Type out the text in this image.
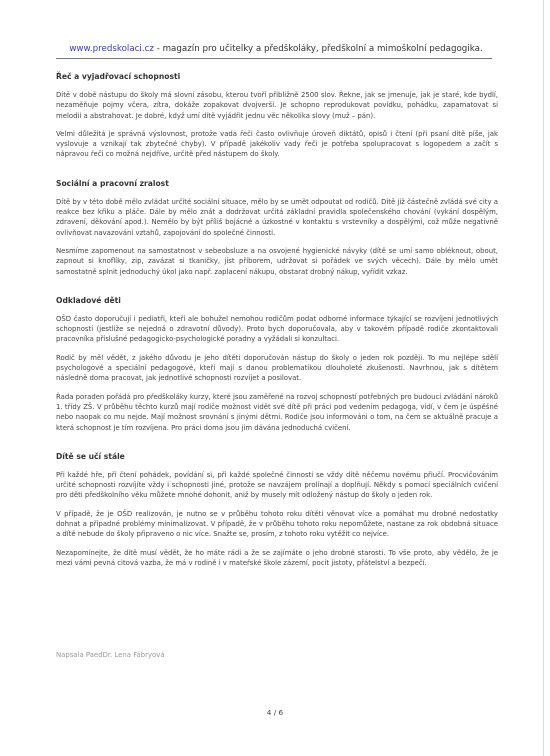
www.predskolaci.cz - magazín pro učitelky a předškoláky, předškolní a mimoškolní pedagogika.
Řeč a vyjadřovací schopnosti

Dítě v době nástupu do školy má slovní zásobu, kterou tvoří přibližně 2500 slov. Řekne, jak se jmenuje, jak je staré, kde bydlí, nezaměňuje pojmy včera, zítra, dokáže zopakovat dvojverší. Je schopno reprodukovat povídku, pohádku, zapamatovat si melodii a abstrahovat. Je dobré, když umí dítě vyjádřit jednu věc několika slovy (muž – pán).

Velmi důležitá je správná výslovnost, protože vada řeči často ovlivňuje úroveň diktátů, opisů i čtení (při psaní dítě píše, jak vyslovuje a vznikají tak zbytečné chyby). V případě jakékoliv vady řeči je potřeba spolupracovat s logopedem a začít s nápravou řeči co možná nejdříve, určitě před nástupem do školy.

Sociální a pracovní zralost

Dítě by v této době mělo zvládat určité sociální situace, mělo by se umět odpoutat od rodičů. Dítě již částečně zvládá své city a reakce bez křiku a pláče. Dále by mělo znát a dodržovat určitá základní pravidla společenského chování (vykání dospělým, zdravení, děkování apod.). Nemělo by být příliš bojácné a úzkostné v kontaktu s vrstevníky a dospělými, což může negativně ovlivňovat navazování vztahů, zapojování do společné činnosti.

Nesmíme zapomenout na samostatnost v sebeobsluze a na osvojené hygienické návyky (dítě se umí samo obléknout, obout, zapnout si knoflíky, zip, zavázat si tkaničky, jíst příborem, udržovat si pořádek ve svých věcech). Dále by mělo umět samostatně splnit jednoduchý úkol jako např. zaplacení nákupu, obstarat drobný nákup, vyřídit vzkaz.

Odkladové děti

OŠD často doporučují i pediatři, kteří ale bohužel nemohou rodičům podat odborné informace týkající se rozvíjení jednotlivých schopností (jestliže se nejedná o zdravotní důvody). Proto bych doporučovala, aby v takovém případě rodiče zkontaktovali pracovníka příslušné pedagogicko-psychologické poradny a vyžádali si konzultaci.

Rodič by měl vědět, z jakého důvodu je jeho dítěti doporučován nástup do školy o jeden rok později. To mu nejlépe sdělí psychologové a speciální pedagogové, kteří mají s danou problematikou dlouholeté zkušenosti. Navrhnou, jak s dítětem následně doma pracovat, jak jednotlivé schopnosti rozvíjet a posilovat.

Řada poraden pořádá pro předškoláky kurzy, které jsou zaměřené na rozvoj schopností potřebných pro budoucí zvládání nároků 1. třídy ZŠ. V průběhu těchto kurzů mají rodiče možnost vidět své dítě při práci pod vedením pedagoga, vidí, v čem je úspěšné nebo naopak co mu nejde. Mají možnost srovnání s jinými dětmi. Rodiče jsou informováni o tom, na čem se aktuálně pracuje a která schopnost je tím rozvíjena. Pro práci doma jsou jim dávána jednoduchá cvičení.

Dítě se učí stále

Při každé hře, při čtení pohádek, povídání si, při každé společné činnosti se vždy dítě něčemu novému přiučí. Procvičováním určité schopnosti rozvíjíte vždy i schopnosti jiné, protože se navzájem prolínají a doplňují. Někdy s pomocí speciálních cvičení pro děti předškolního věku můžete mnohé dohonit, aniž by musely mít odložený nástup do školy o jeden rok.

V případě, že je OŠD realizován, je nutno se v průběhu tohoto roku dítěti věnovat více a pomáhat mu drobné nedostatky dohnat a případné problémy minimalizovat. V případě, že v průběhu tohoto roku nepomůžete, nastane za rok obdobná situace a dítě nebude do školy připraveno o nic více. Snažte se, prosím, z tohoto roku vytěžit co nejvíce.

Nezapomínejte, že dítě musí vědět, že ho máte rádi a že se zajímáte o jeho drobné starosti. To vše proto, aby vědělo, že je mezi vámi pevná citová vazba, že má v rodině i v mateřské škole zázemí, pocit jistoty, přátelství a bezpečí.

Napsala PaedDr. Lena Fábryová
4 / 6
